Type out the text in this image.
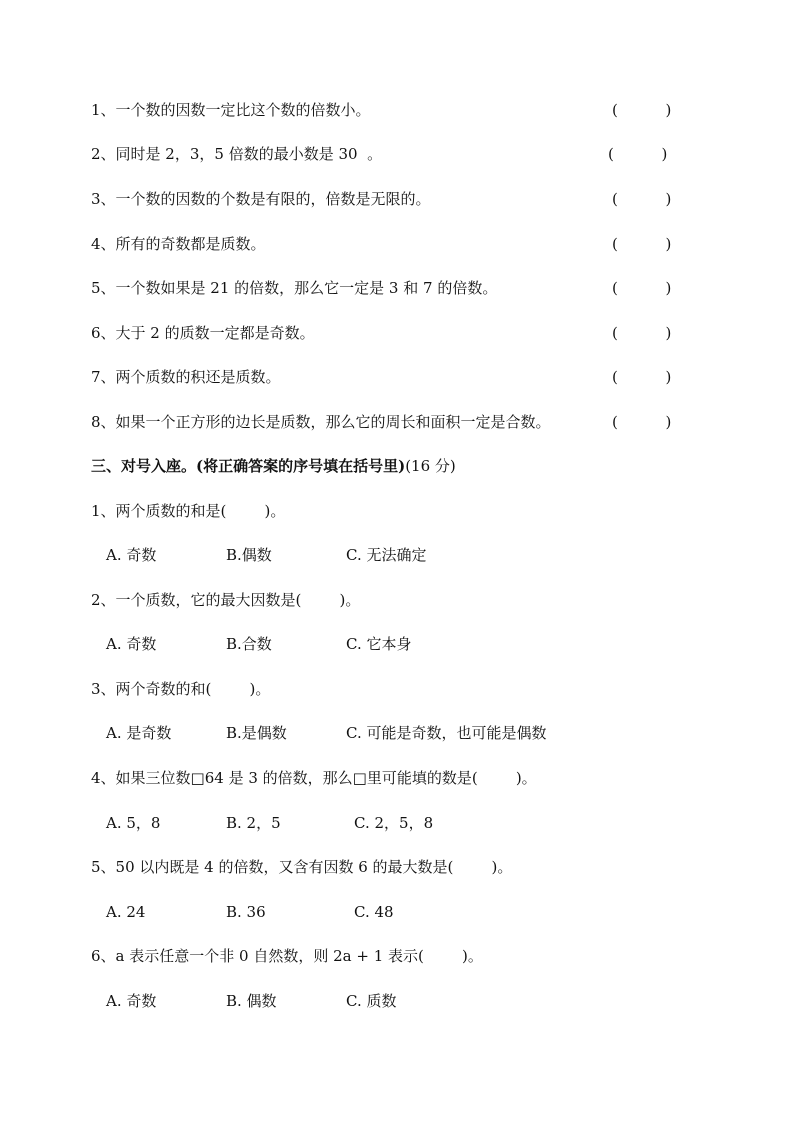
1、一个数的因数一定比这个数的倍数小。	(          )
2、同时是 2，3，5 倍数的最小数是 30  。	(          )
3、一个数的因数的个数是有限的，倍数是无限的。	(          )
4、所有的奇数都是质数。	(          )
5、一个数如果是 21 的倍数，那么它一定是 3 和 7 的倍数。	(          )
6、大于 2 的质数一定都是奇数。	(          )
7、两个质数的积还是质数。	(          )
8、如果一个正方形的边长是质数，那么它的周长和面积一定是合数。	(          )
三、对号入座。(将正确答案的序号填在括号里)(16 分)
1、两个质数的和是(        )。
A. 奇数	B.偶数	C. 无法确定
2、一个质数，它的最大因数是(        )。
A. 奇数	B.合数	C. 它本身
3、两个奇数的和(        )。
A. 是奇数	B.是偶数	C. 可能是奇数，也可能是偶数
4、如果三位数□64 是 3 的倍数，那么□里可能填的数是(        )。
A. 5，8	B. 2，5	C. 2，5，8
5、50 以内既是 4 的倍数，又含有因数 6 的最大数是(        )。
A. 24	B. 36	C. 48
6、a 表示任意一个非 0 自然数，则 2a + 1 表示(        )。
A. 奇数	B. 偶数	C. 质数
